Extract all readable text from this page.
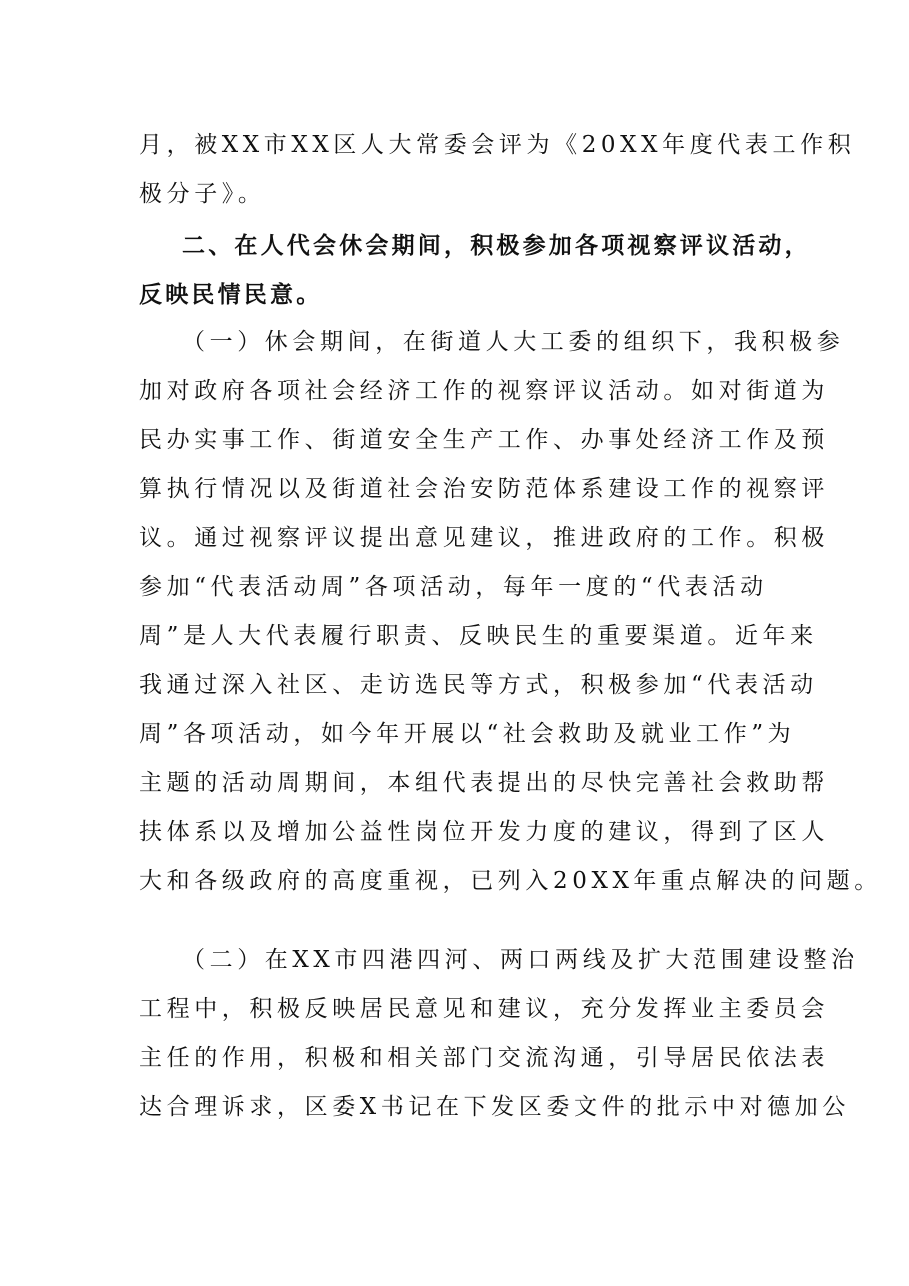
月，被XX市XX区人大常委会评为《20XX年度代表工作积
极分子》。
二、在人代会休会期间，积极参加各项视察评议活动，
反映民情民意。
（一）休会期间，在街道人大工委的组织下，我积极参
加对政府各项社会经济工作的视察评议活动。如对街道为
民办实事工作、街道安全生产工作、办事处经济工作及预
算执行情况以及街道社会治安防范体系建设工作的视察评
议。通过视察评议提出意见建议，推进政府的工作。积极
参加“代表活动周”各项活动，每年一度的“代表活动
周”是人大代表履行职责、反映民生的重要渠道。近年来
我通过深入社区、走访选民等方式，积极参加“代表活动
周”各项活动，如今年开展以“社会救助及就业工作”为
主题的活动周期间，本组代表提出的尽快完善社会救助帮
扶体系以及增加公益性岗位开发力度的建议，得到了区人
大和各级政府的高度重视，已列入20XX年重点解决的问题。
（二）在XX市四港四河、两口两线及扩大范围建设整治
工程中，积极反映居民意见和建议，充分发挥业主委员会
主任的作用，积极和相关部门交流沟通，引导居民依法表
达合理诉求，区委X书记在下发区委文件的批示中对德加公
